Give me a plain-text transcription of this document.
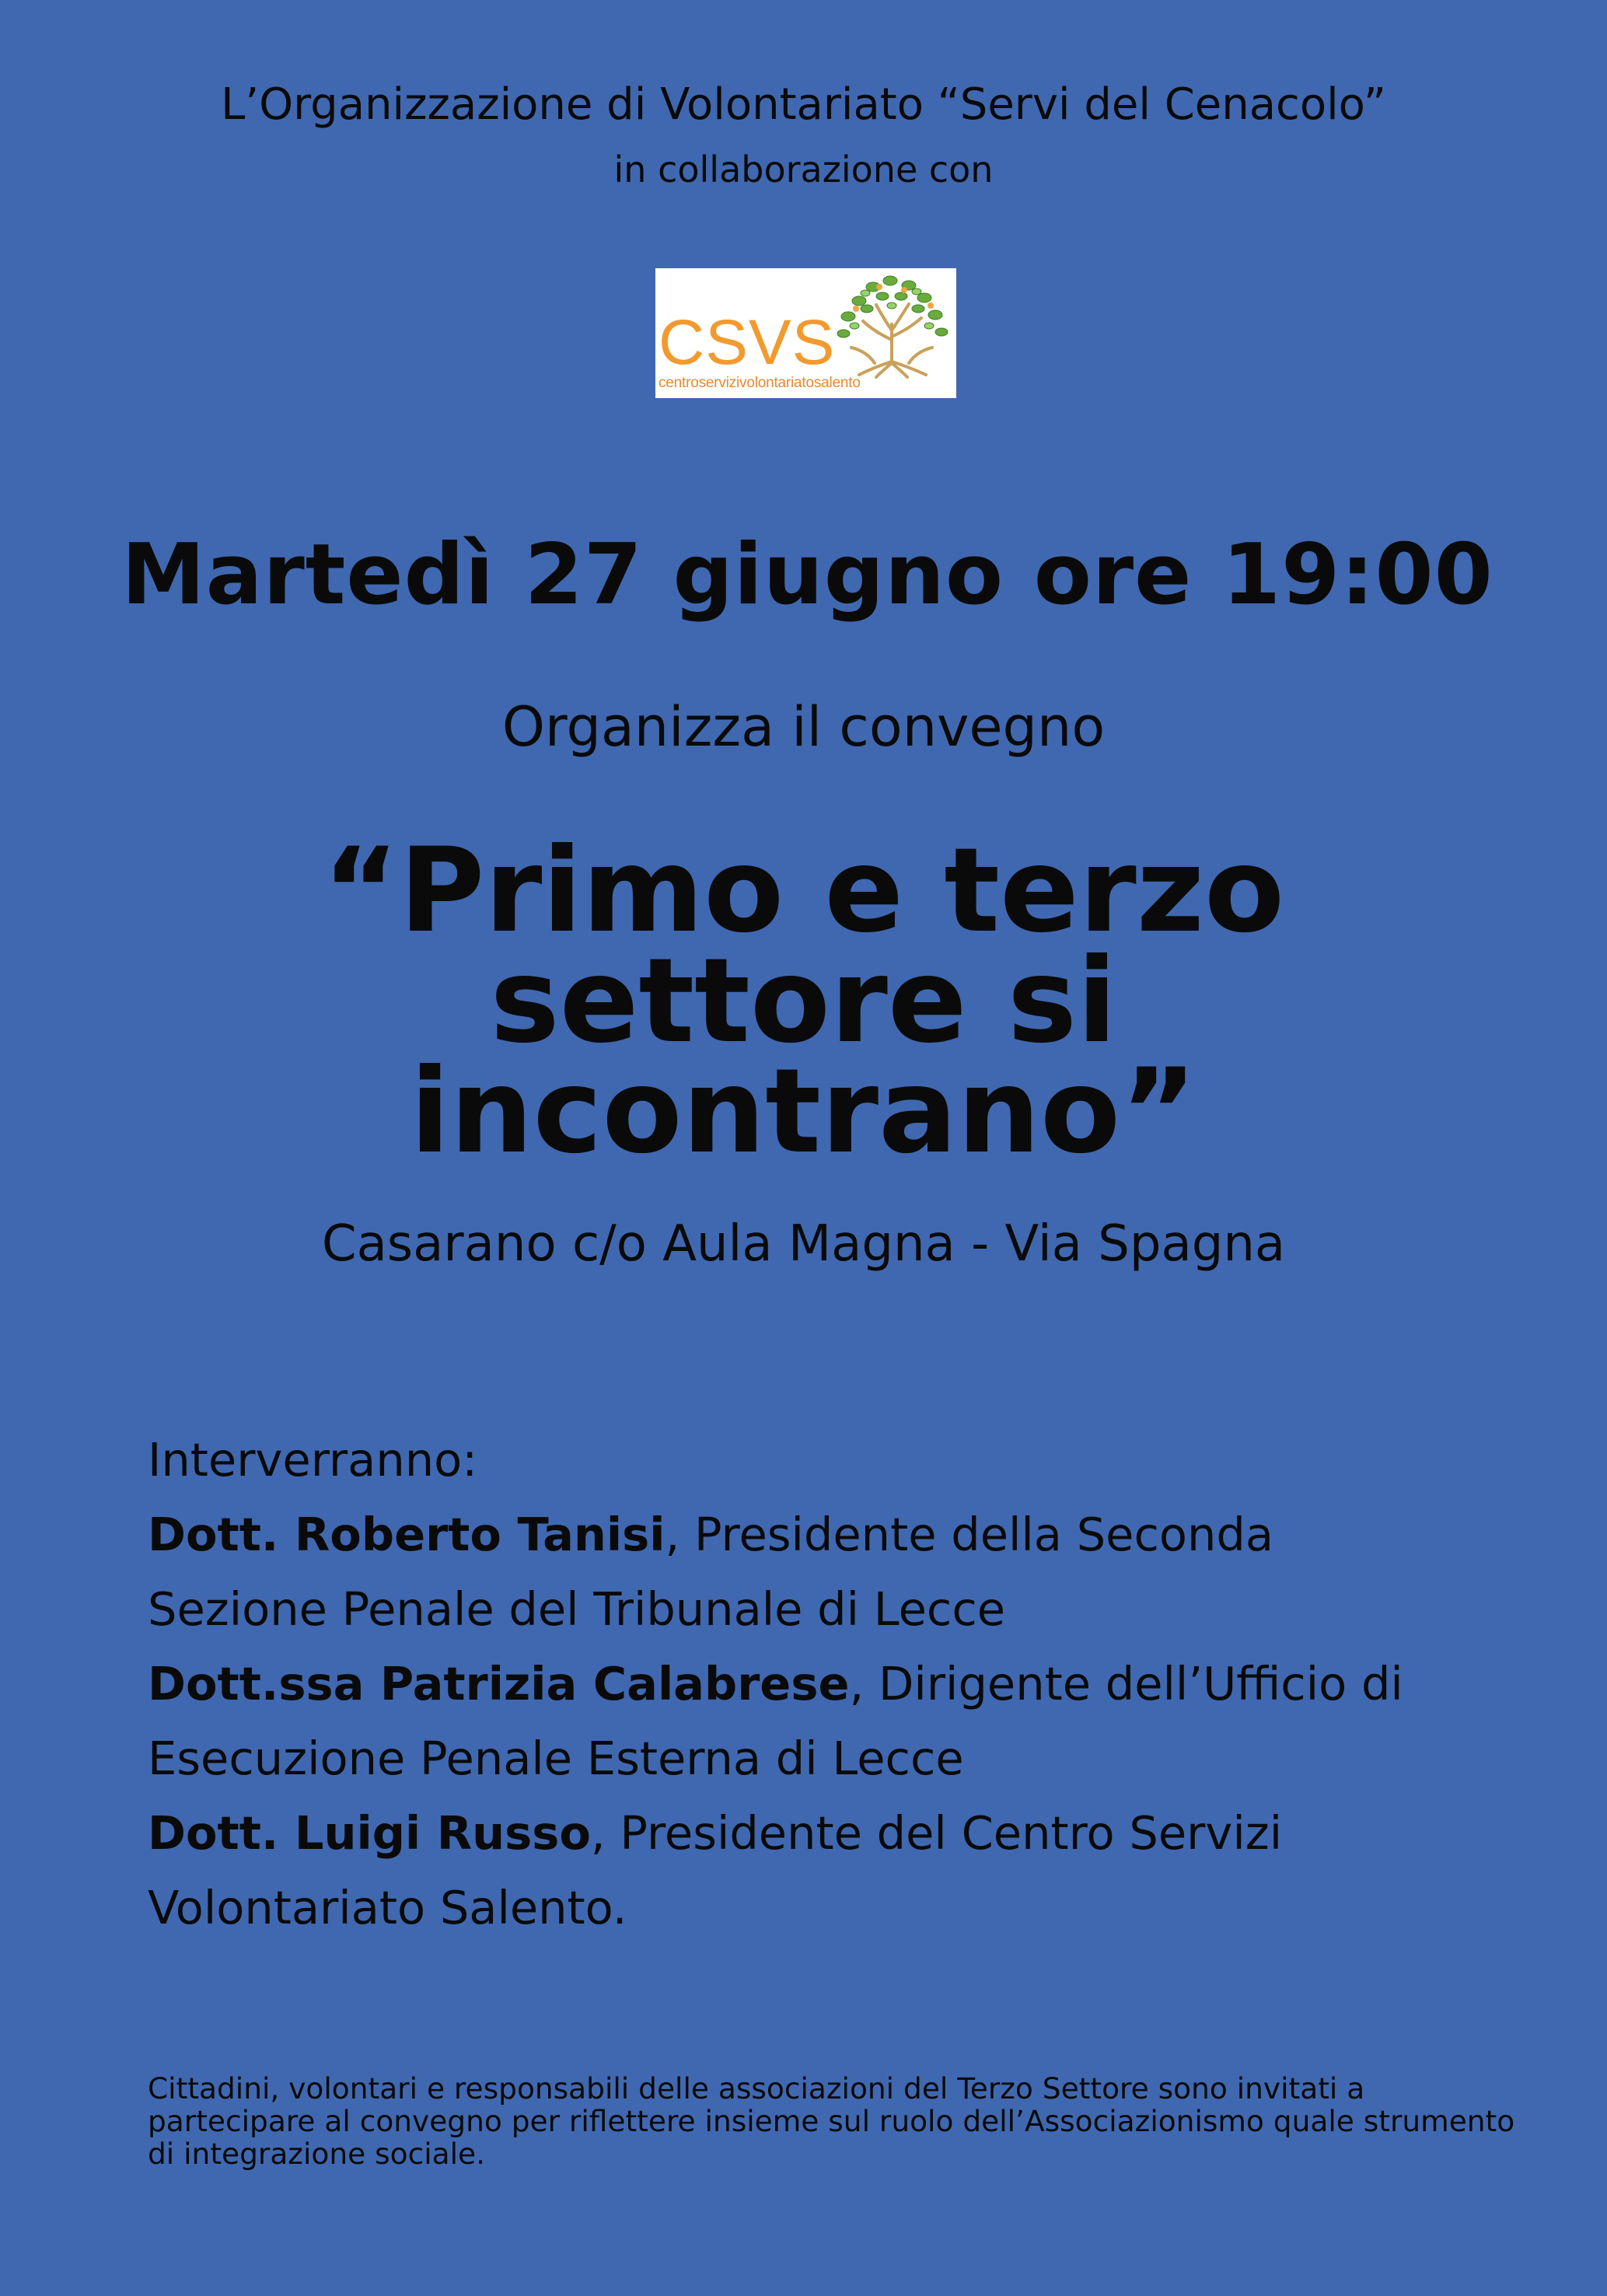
L’Organizzazione di Volontariato “Servi del Cenacolo”
in collaborazione con
CSVS
centroservizivolontariatosalento
Martedì 27 giugno ore 19:00
Organizza il convegno
“Primo e terzo
settore si
incontrano”
Casarano c/o Aula Magna - Via Spagna
Interverranno:
Dott. Roberto Tanisi, Presidente della Seconda
Sezione Penale del Tribunale di Lecce
Dott.ssa Patrizia Calabrese, Dirigente dell’Ufficio di
Esecuzione Penale Esterna di Lecce
Dott. Luigi Russo, Presidente del Centro Servizi
Volontariato Salento.
Cittadini, volontari e responsabili delle associazioni del Terzo Settore sono invitati a partecipare al convegno per riflettere insieme sul ruolo dell’Associazionismo quale strumento di integrazione sociale.
